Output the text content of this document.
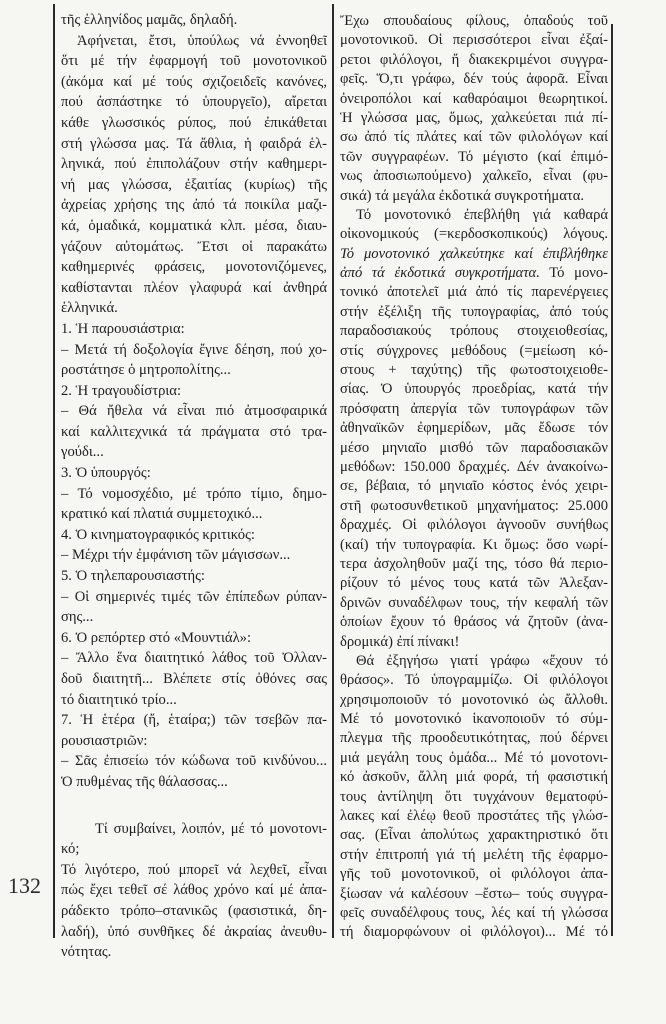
132
τῆς ἑλληνίδος μαμᾶς, δηλαδή.
Ἀφήνεται, ἔτσι, ὑπούλως νά ἐννοηθεῖ
ὅτι μέ τήν ἐφαρμογή τοῦ μονοτονικοῦ
(ἀκόμα καί μέ τούς σχιζοειδεῖς κανόνες,
πού ἀσπάστηκε τό ὑπουργεῖο), αἴρεται
κάθε γλωσσικός ρύπος, πού ἐπικάθεται
στή γλώσσα μας. Τά ἄθλια, ἡ φαιδρά ἑλ-
ληνικά, πού ἐπιπολάζουν στήν καθημερι-
νή μας γλώσσα, ἐξαιτίας (κυρίως) τῆς
ἀχρείας χρήσης της ἀπό τά ποικίλα μαζι-
κά, ὁμαδικά, κομματικά κλπ. μέσα, διαυ-
γάζουν αὐτομάτως. Ἔτσι οἱ παρακάτω
καθημερινές φράσεις, μονοτονιζόμενες,
καθίστανται πλέον γλαφυρά καί ἀνθηρά
ἑλληνικά.
1. Ἡ παρουσιάστρια:
– Μετά τή δοξολογία ἔγινε δέηση, πού χο-
ροστάτησε ὁ μητροπολίτης...
2. Ἡ τραγουδίστρια:
– Θά ἤθελα νά εἶναι πιό ἀτμοσφαιρικά
καί καλλιτεχνικά τά πράγματα στό τρα-
γούδι...
3. Ὁ ὑπουργός:
– Τό νομοσχέδιο, μέ τρόπο τίμιο, δημο-
κρατικό καί πλατιά συμμετοχικό...
4. Ὁ κινηματογραφικός κριτικός:
– Μέχρι τήν ἐμφάνιση τῶν μάγισσων...
5. Ὁ τηλεπαρουσιαστής:
– Οἱ σημερινές τιμές τῶν ἐπίπεδων ρύπαν-
σης...
6. Ὁ ρεπόρτερ στό «Μουντιάλ»:
– Ἄλλο ἕνα διαιτητικό λάθος τοῦ Ὀλλαν-
δοῦ διαιτητῆ... Βλέπετε στίς ὀθόνες σας
τό διαιτητικό τρίο...
7. Ἡ ἑτέρα (ἤ, ἑταίρα;) τῶν τσεβῶν πα-
ρουσιαστριῶν:
– Σᾶς ἐπισείω τόν κώδωνα τοῦ κινδύνου...
Ὁ πυθμένας τῆς θάλασσας...
Τί συμβαίνει, λοιπόν, μέ τό μονοτονι-
κό;
Τό λιγότερο, πού μπορεῖ νά λεχθεῖ, εἶναι
πώς ἔχει τεθεῖ σέ λάθος χρόνο καί μέ ἀπα-
ράδεκτο τρόπο–στανικῶς (φασιστικά, δη-
λαδή), ὑπό συνθῆκες δέ ἀκραίας ἀνευθυ-
νότητας.
Ἔχω σπουδαίους φίλους, ὀπαδούς τοῦ
μονοτονικοῦ. Οἱ περισσότεροι εἶναι ἐξαί-
ρετοι φιλόλογοι, ἤ διακεκριμένοι συγγρα-
φεῖς. Ὅ,τι γράφω, δέν τούς ἀφορᾶ. Εἶναι
ὀνειροπόλοι καί καθαρόαιμοι θεωρητικοί.
Ἡ γλώσσα μας, ὅμως, χαλκεύεται πιά πί-
σω ἀπό τίς πλάτες καί τῶν φιλολόγων καί
τῶν συγγραφέων. Τό μέγιστο (καί ἐπιμό-
νως ἀποσιωπούμενο) χαλκεῖο, εἶναι (φυ-
σικά) τά μεγάλα ἐκδοτικά συγκροτήματα.
Τό μονοτονικό ἐπεβλήθη γιά καθαρά
οἰκονομικούς (=κερδοσκοπικούς) λόγους.
Τό μονοτονικό χαλκεύτηκε καί ἐπιβλήθηκε
ἀπό τά ἐκδοτικά συγκροτήματα. Τό μονο-
τονικό ἀποτελεῖ μιά ἀπό τίς παρενέργειες
στήν ἐξέλιξη τῆς τυπογραφίας, ἀπό τούς
παραδοσιακούς τρόπους στοιχειοθεσίας,
στίς σύγχρονες μεθόδους (=μείωση κό-
στους + ταχύτης) τῆς φωτοστοιχειοθε-
σίας. Ὁ ὑπουργός προεδρίας, κατά τήν
πρόσφατη ἀπεργία τῶν τυπογράφων τῶν
ἀθηναϊκῶν ἐφημερίδων, μᾶς ἔδωσε τόν
μέσο μηνιαῖο μισθό τῶν παραδοσιακῶν
μεθόδων: 150.000 δραχμές. Δέν ἀνακοίνω-
σε, βέβαια, τό μηνιαῖο κόστος ἑνός χειρι-
στῆ φωτοσυνθετικοῦ μηχανήματος: 25.000
δραχμές. Οἱ φιλόλογοι ἀγνοοῦν συνήθως
(καί) τήν τυπογραφία. Κι ὅμως: ὅσο νωρί-
τερα ἀσχοληθοῦν μαζί της, τόσο θά περιο-
ρίζουν τό μένος τους κατά τῶν Ἀλεξαν-
δρινῶν συναδέλφων τους, τήν κεφαλή τῶν
ὁποίων ἔχουν τό θράσος νά ζητοῦν (ἀνα-
δρομικά) ἐπί πίνακι!
Θά ἐξηγήσω γιατί γράφω «ἔχουν τό
θράσος». Τό ὑπογραμμίζω. Οἱ φιλόλογοι
χρησιμοποιοῦν τό μονοτονικό ὡς ἄλλοθι.
Μέ τό μονοτονικό ἱκανοποιοῦν τό σύμ-
πλεγμα τῆς προοδευτικότητας, πού δέρνει
μιά μεγάλη τους ὁμάδα... Μέ τό μονοτονι-
κό ἀσκοῦν, ἄλλη μιά φορά, τή φασιστική
τους ἀντίληψη ὅτι τυγχάνουν θεματοφύ-
λακες καί ἐλέῳ θεοῦ προστάτες τῆς γλώσ-
σας. (Εἶναι ἀπολύτως χαρακτηριστικό ὅτι
στήν ἐπιτροπή γιά τή μελέτη τῆς ἐφαρμο-
γῆς τοῦ μονοτονικοῦ, οἱ φιλόλογοι ἀπα-
ξίωσαν νά καλέσουν –ἔστω– τούς συγγρα-
φεῖς συναδέλφους τους, λές καί τή γλώσσα
τή διαμορφώνουν οἱ φιλόλογοι)... Μέ τό
